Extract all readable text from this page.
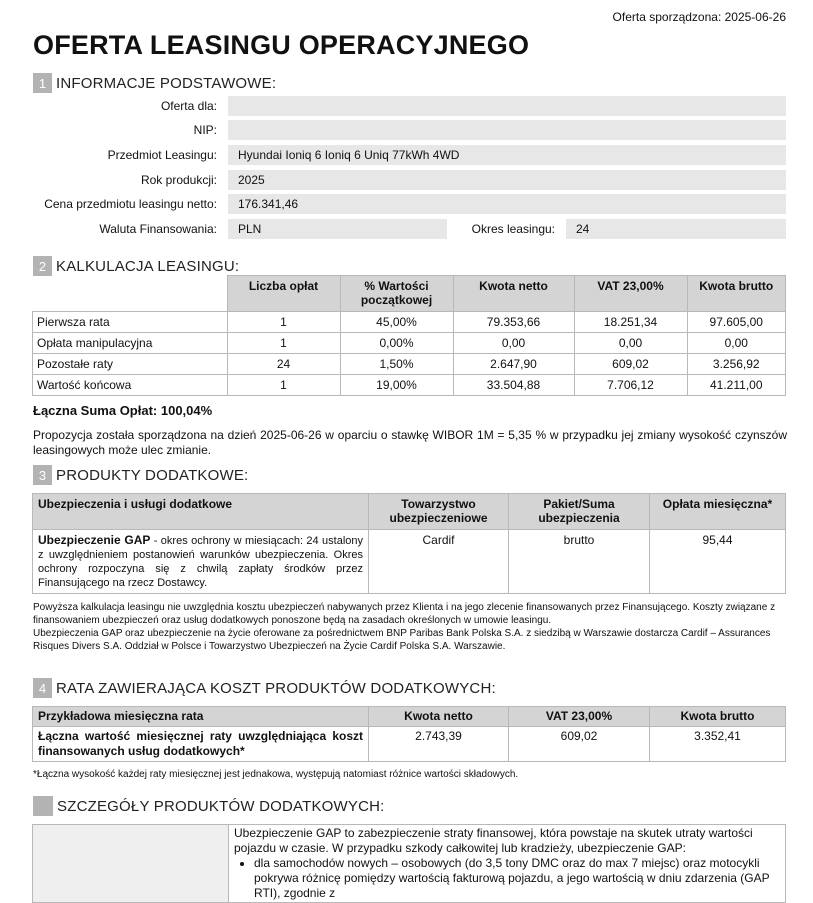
Oferta sporządzona: 2025-06-26
OFERTA LEASINGU OPERACYJNEGO
1 INFORMACJE PODSTAWOWE:
Oferta dla:
NIP:
Przedmiot Leasingu:	Hyundai Ioniq 6 Ioniq 6 Uniq 77kWh 4WD
Rok produkcji:	2025
Cena przedmiotu leasingu netto:	176.341,46
Waluta Finansowania:	PLN	Okres leasingu:	24
2 KALKULACJA LEASINGU:
	Liczba opłat	% Wartości początkowej	Kwota netto	VAT 23,00%	Kwota brutto
Pierwsza rata	1	45,00%	79.353,66	18.251,34	97.605,00
Opłata manipulacyjna	1	0,00%	0,00	0,00	0,00
Pozostałe raty	24	1,50%	2.647,90	609,02	3.256,92
Wartość końcowa	1	19,00%	33.504,88	7.706,12	41.211,00
Łączna Suma Opłat: 100,04%
Propozycja została sporządzona na dzień 2025-06-26 w oparciu o stawkę WIBOR 1M = 5,35 % w przypadku jej zmiany wysokość czynszów leasingowych może ulec zmianie.
3 PRODUKTY DODATKOWE:
Ubezpieczenia i usługi dodatkowe	Towarzystwo ubezpieczeniowe	Pakiet/Suma ubezpieczenia	Opłata miesięczna*
Ubezpieczenie GAP - okres ochrony w miesiącach: 24 ustalony z uwzględnieniem postanowień warunków ubezpieczenia. Okres ochrony rozpoczyna się z chwilą zapłaty środków przez Finansującego na rzecz Dostawcy.	Cardif	brutto	95,44
Powyższa kalkulacja leasingu nie uwzględnia kosztu ubezpieczeń nabywanych przez Klienta i na jego zlecenie finansowanych przez Finansującego. Koszty związane z finansowaniem ubezpieczeń oraz usług dodatkowych ponoszone będą na zasadach określonych w umowie leasingu.
Ubezpieczenia GAP oraz ubezpieczenie na życie oferowane za pośrednictwem BNP Paribas Bank Polska S.A. z siedzibą w Warszawie dostarcza Cardif – Assurances Risques Divers S.A. Oddział w Polsce i Towarzystwo Ubezpieczeń na Życie Cardif Polska S.A. Warszawie.
4 RATA ZAWIERAJĄCA KOSZT PRODUKTÓW DODATKOWYCH:
Przykładowa miesięczna rata	Kwota netto	VAT 23,00%	Kwota brutto
Łączna wartość miesięcznej raty uwzględniająca koszt finansowanych usług dodatkowych*	2.743,39	609,02	3.352,41
*Łączna wysokość każdej raty miesięcznej jest jednakowa, występują natomiast różnice wartości składowych.
SZCZEGÓŁY PRODUKTÓW DODATKOWYCH:

Ubezpieczenie GAP to zabezpieczenie straty finansowej, która powstaje na skutek utraty wartości pojazdu w czasie. W przypadku szkody całkowitej lub kradzieży, ubezpieczenie GAP:
• dla samochodów nowych – osobowych (do 3,5 tony DMC oraz do max 7 miejsc) oraz motocykli pokrywa różnicę pomiędzy wartością fakturową pojazdu, a jego wartością w dniu zdarzenia (GAP RTI), zgodnie z
